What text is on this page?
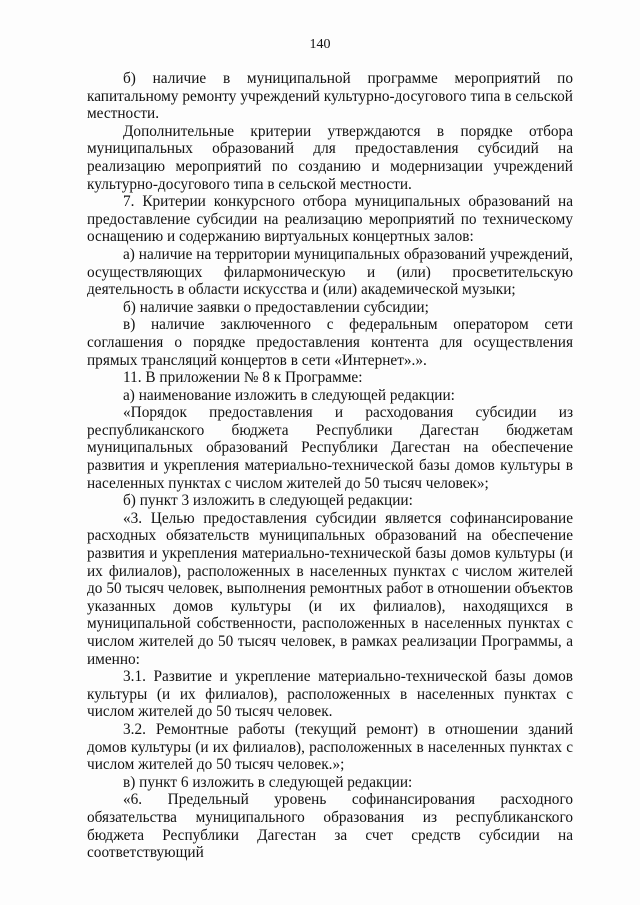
140

б) наличие в муниципальной программе мероприятий по капитальному ремонту учреждений культурно-досугового типа в сельской местности.

Дополнительные критерии утверждаются в порядке отбора муниципальных образований для предоставления субсидий на реализацию мероприятий по созданию и модернизации учреждений культурно-досугового типа в сельской местности.

7. Критерии конкурсного отбора муниципальных образований на предоставление субсидии на реализацию мероприятий по техническому оснащению и содержанию виртуальных концертных залов:

а) наличие на территории муниципальных образований учреждений, осуществляющих филармоническую и (или) просветительскую деятельность в области искусства и (или) академической музыки;

б) наличие заявки о предоставлении субсидии;

в) наличие заключенного с федеральным оператором сети соглашения о порядке предоставления контента для осуществления прямых трансляций концертов в сети «Интернет».».

11. В приложении № 8 к Программе:

а) наименование изложить в следующей редакции:

«Порядок предоставления и расходования субсидии из республиканского бюджета Республики Дагестан бюджетам муниципальных образований Республики Дагестан на обеспечение развития и укрепления материально-технической базы домов культуры в населенных пунктах с числом жителей до 50 тысяч человек»;

б) пункт 3 изложить в следующей редакции:

«3. Целью предоставления субсидии является софинансирование расходных обязательств муниципальных образований на обеспечение развития и укрепления материально-технической базы домов культуры (и их филиалов), расположенных в населенных пунктах с числом жителей до 50 тысяч человек, выполнения ремонтных работ в отношении объектов указанных домов культуры (и их филиалов), находящихся в муниципальной собственности, расположенных в населенных пунктах с числом жителей до 50 тысяч человек, в рамках реализации Программы, а именно:

3.1. Развитие и укрепление материально-технической базы домов культуры (и их филиалов), расположенных в населенных пунктах с числом жителей до 50 тысяч человек.

3.2. Ремонтные работы (текущий ремонт) в отношении зданий домов культуры (и их филиалов), расположенных в населенных пунктах с числом жителей до 50 тысяч человек.»;

в) пункт 6 изложить в следующей редакции:

«6. Предельный уровень софинансирования расходного обязательства муниципального образования из республиканского бюджета Республики Дагестан за счет средств субсидии на соответствующий
